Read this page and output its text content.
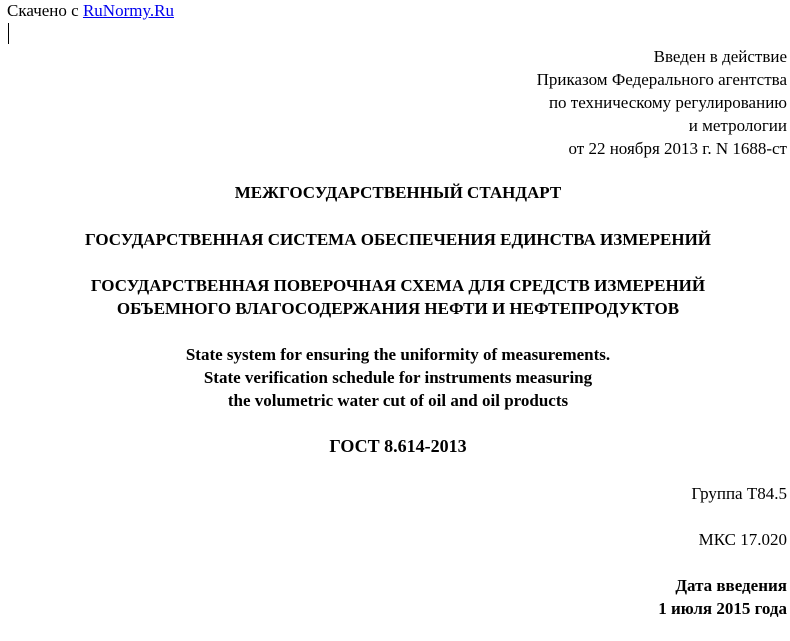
Скачено с RuNormy.Ru
Введен в действие
Приказом Федерального агентства
по техническому регулированию
и метрологии
от 22 ноября 2013 г. N 1688-ст
МЕЖГОСУДАРСТВЕННЫЙ СТАНДАРТ
ГОСУДАРСТВЕННАЯ СИСТЕМА ОБЕСПЕЧЕНИЯ ЕДИНСТВА ИЗМЕРЕНИЙ
ГОСУДАРСТВЕННАЯ ПОВЕРОЧНАЯ СХЕМА ДЛЯ СРЕДСТВ ИЗМЕРЕНИЙ
ОБЪЕМНОГО ВЛАГОСОДЕРЖАНИЯ НЕФТИ И НЕФТЕПРОДУКТОВ
State system for ensuring the uniformity of measurements.
State verification schedule for instruments measuring
the volumetric water cut of oil and oil products
ГОСТ 8.614-2013
Группа Т84.5
МКС 17.020
Дата введения
1 июля 2015 года
